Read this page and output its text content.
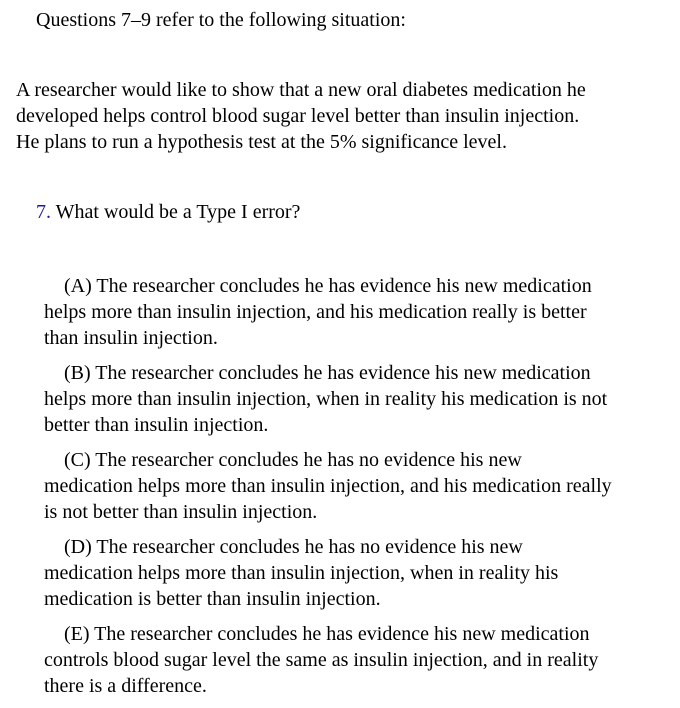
Questions 7–9 refer to the following situation:

A researcher would like to show that a new oral diabetes medication he
developed helps control blood sugar level better than insulin injection.
He plans to run a hypothesis test at the 5% significance level.

7. What would be a Type I error?

(A) The researcher concludes he has evidence his new medication
helps more than insulin injection, and his medication really is better
than insulin injection.
(B) The researcher concludes he has evidence his new medication
helps more than insulin injection, when in reality his medication is not
better than insulin injection.
(C) The researcher concludes he has no evidence his new
medication helps more than insulin injection, and his medication really
is not better than insulin injection.
(D) The researcher concludes he has no evidence his new
medication helps more than insulin injection, when in reality his
medication is better than insulin injection.
(E) The researcher concludes he has evidence his new medication
controls blood sugar level the same as insulin injection, and in reality
there is a difference.
